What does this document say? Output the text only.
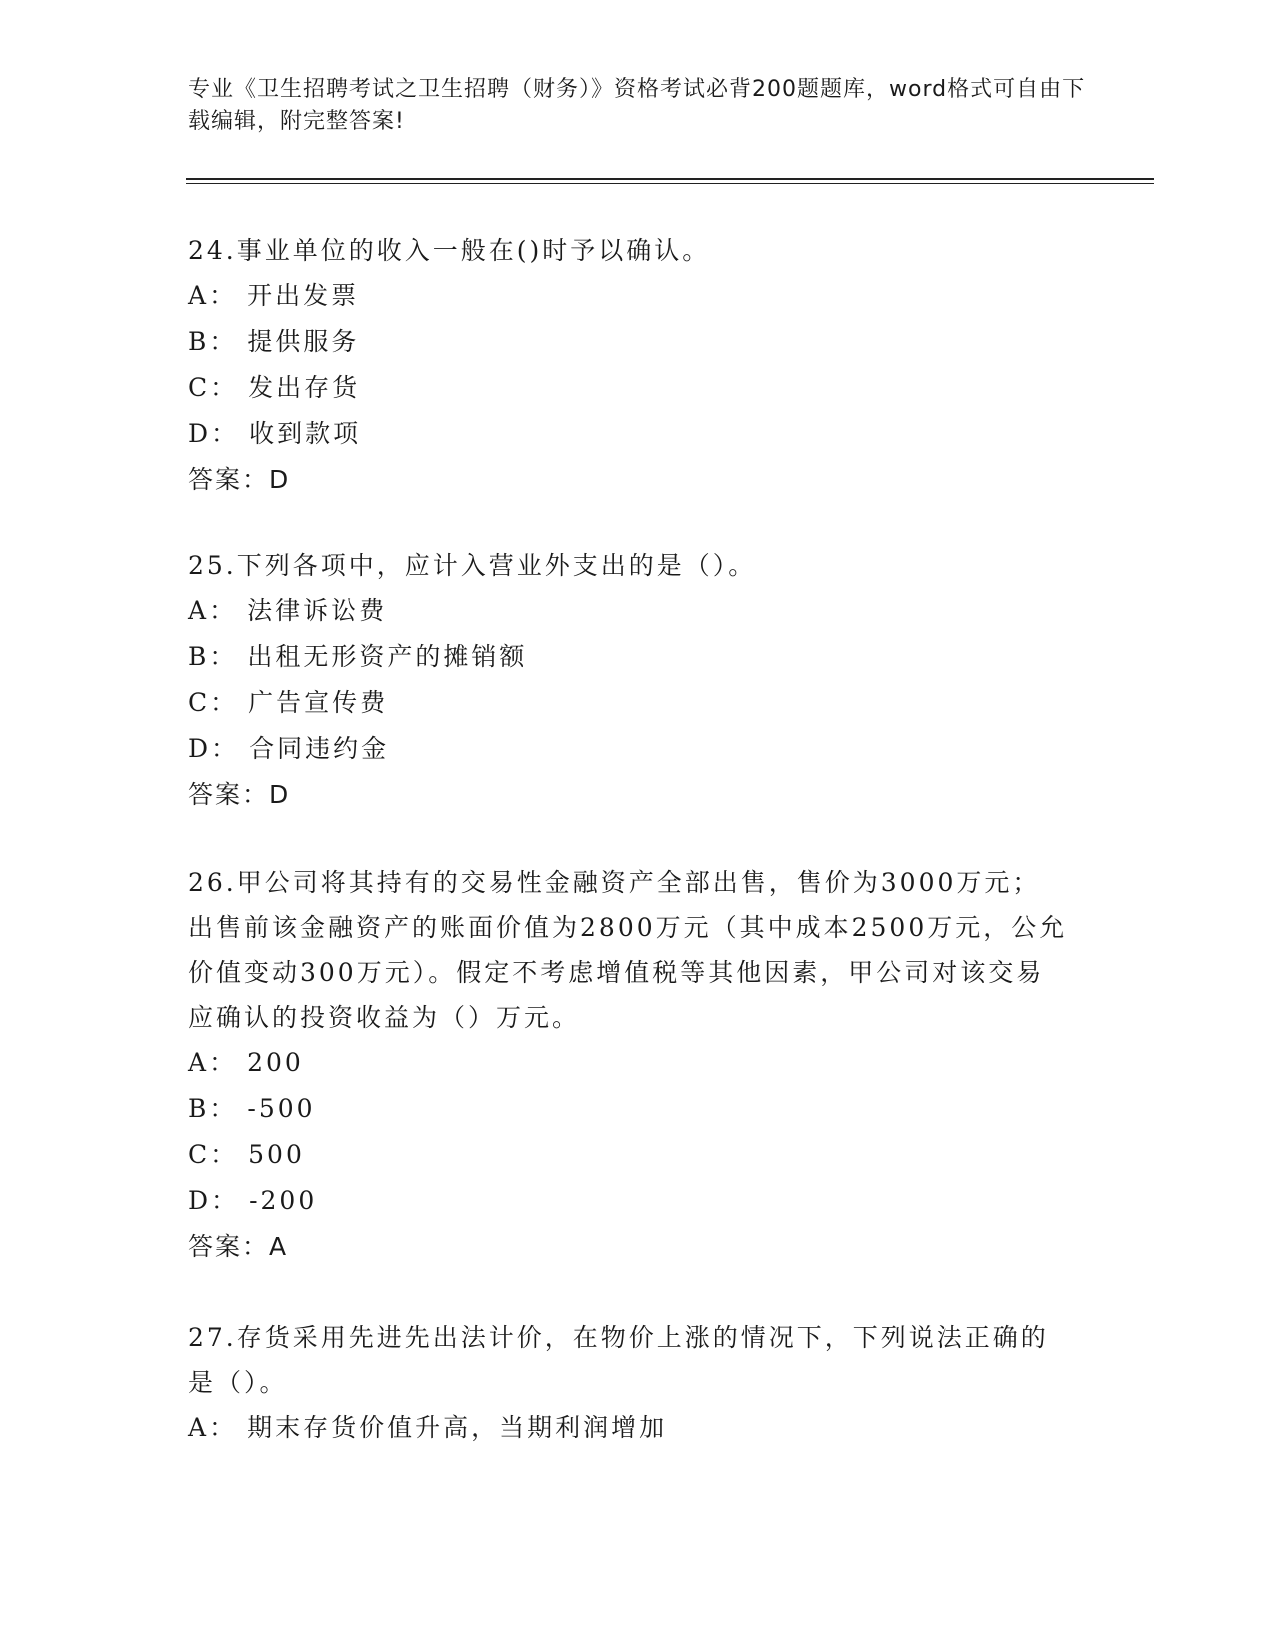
专业《卫生招聘考试之卫生招聘（财务）》资格考试必背200题题库，word格式可自由下载编辑，附完整答案!
24.事业单位的收入一般在()时予以确认。
A： 开出发票
B： 提供服务
C： 发出存货
D： 收到款项
答案：D
25.下列各项中，应计入营业外支出的是（）。
A： 法律诉讼费
B： 出租无形资产的摊销额
C： 广告宣传费
D： 合同违约金
答案：D
26.甲公司将其持有的交易性金融资产全部出售，售价为3000万元；出售前该金融资产的账面价值为2800万元（其中成本2500万元，公允价值变动300万元）。假定不考虑增值税等其他因素，甲公司对该交易应确认的投资收益为（）万元。
A： 200
B： -500
C： 500
D： -200
答案：A
27.存货采用先进先出法计价，在物价上涨的情况下，下列说法正确的是（）。
A： 期末存货价值升高，当期利润增加
